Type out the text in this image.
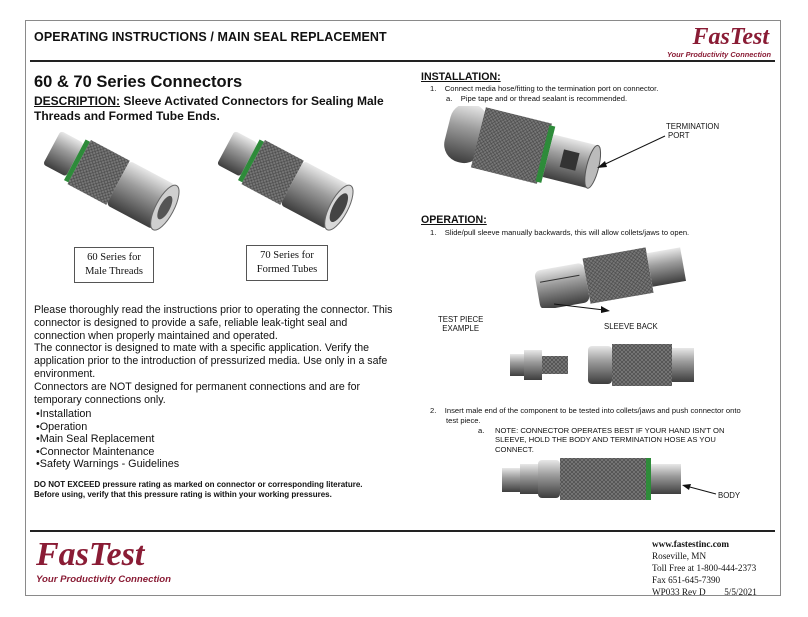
OPERATING INSTRUCTIONS / MAIN SEAL REPLACEMENT	FasTest
Your Productivity Connection
60 & 70 Series Connectors
DESCRIPTION: Sleeve Activated Connectors for Sealing Male Threads and Formed Tube Ends.
60 Series for
Male Threads
70 Series for
Formed Tubes

Please thoroughly read the instructions prior to operating the connector. This connector is designed to provide a safe, reliable leak-tight seal and connection when properly maintained and operated.

The connector is designed to mate with a specific application. Verify the application prior to the introduction of pressurized media. Use only in a safe environment.

Connectors are NOT designed for permanent connections and are for temporary connections only.

• Installation
• Operation
• Main Seal Replacement
• Connector Maintenance
• Safety Warnings - Guidelines
DO NOT EXCEED pressure rating as marked on connector or corresponding literature.
Before using, verify that this pressure rating is within your working pressures.
INSTALLATION:
1.    Connect media hose/fitting to the termination port on connector.
a.    Pipe tape and or thread sealant is recommended.
TERMINATION
PORT
OPERATION:
1.    Slide/pull sleeve manually backwards, this will allow collets/jaws to open.
TEST PIECE
EXAMPLE	SLEEVE BACK
2.    Insert male end of the component to be tested into collets/jaws and push connector onto
test piece.
a. NOTE: CONNECTOR OPERATES BEST IF YOUR HAND ISN'T ON
SLEEVE, HOLD THE BODY AND TERMINATION HOSE AS YOU
CONNECT.
BODY
FasTest
Your Productivity Connection
www.fastestinc.com
Roseville, MN
Toll Free at 1-800-444-2373
Fax 651-645-7390
WP033 Rev D 5/5/2021
